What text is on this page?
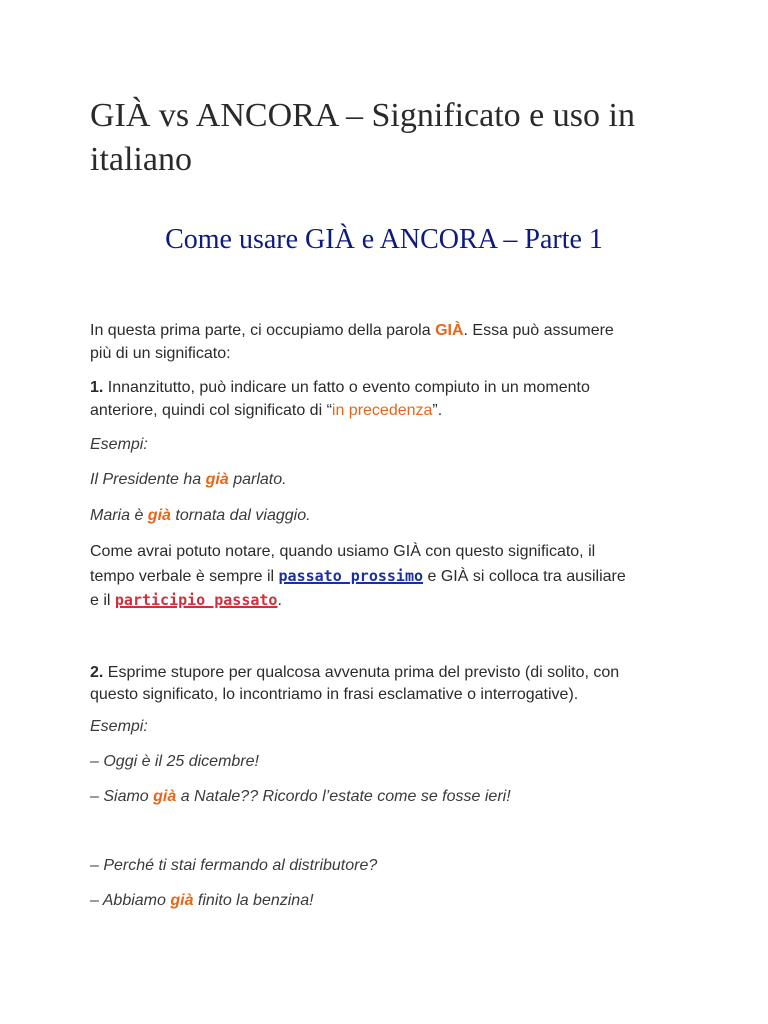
GIÀ vs ANCORA – Significato e uso in italiano
Come usare GIÀ e ANCORA – Parte 1

In questa prima parte, ci occupiamo della parola GIÀ. Essa può assumere

più di un significato:

1. Innanzitutto, può indicare un fatto o evento compiuto in un momento

anteriore, quindi col significato di “in precedenza”.

Esempi:

Il Presidente ha già parlato.

Maria è già tornata dal viaggio.

Come avrai potuto notare, quando usiamo GIÀ con questo significato, il

tempo verbale è sempre il passato prossimo e GIÀ si colloca tra ausiliare

e il participio passato.

2. Esprime stupore per qualcosa avvenuta prima del previsto (di solito, con

questo significato, lo incontriamo in frasi esclamative o interrogative).

Esempi:

– Oggi è il 25 dicembre!

– Siamo già a Natale?? Ricordo l’estate come se fosse ieri!

– Perché ti stai fermando al distributore?

– Abbiamo già finito la benzina!
